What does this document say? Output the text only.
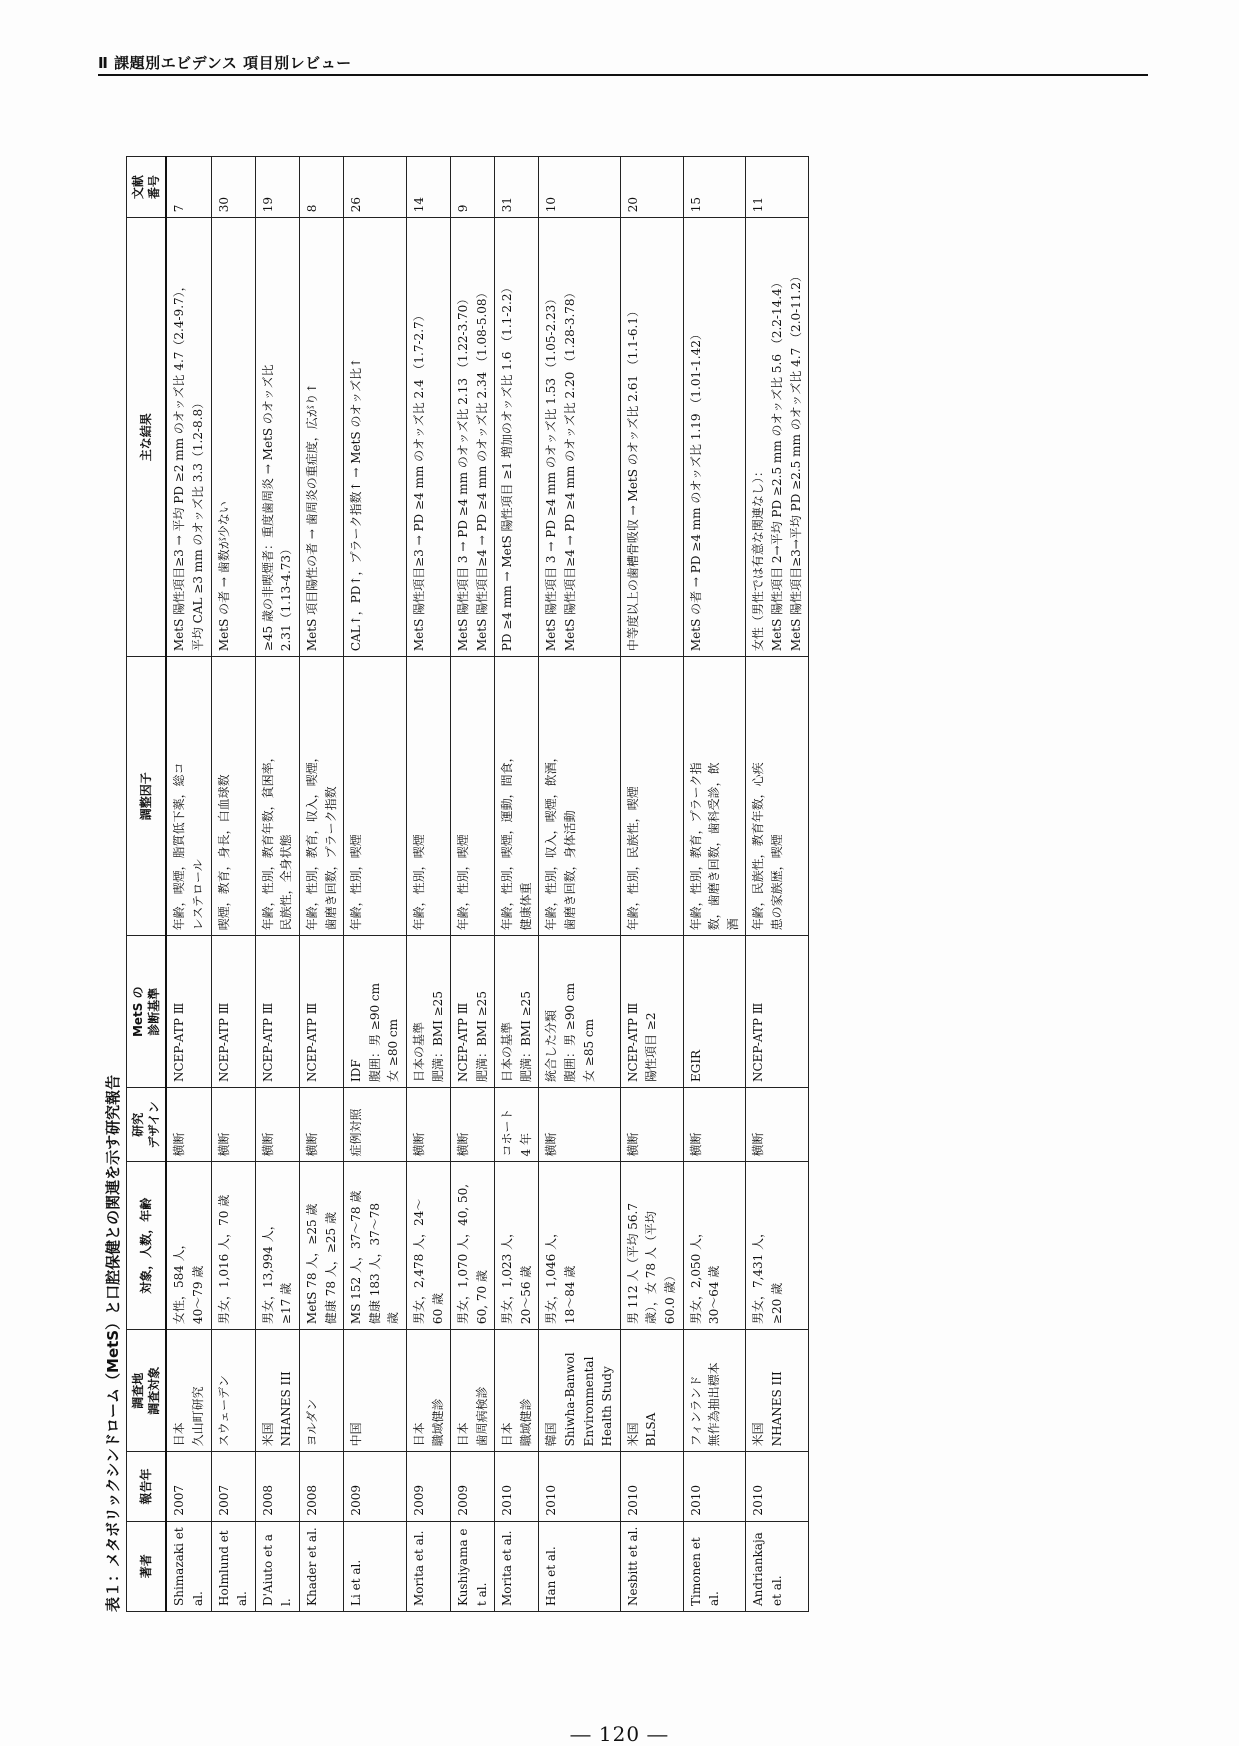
Ⅱ 課題別エビデンス 項目別レビュー
表１：メタボリックシンドローム（MetS）と口腔保健との関連を示す研究報告	著者	報告年	調査地 調査対象	対象，人数，年齢	研究 デザイン	MetS の 診断基準	調整因子	主な結果	文献 番号
Shimazaki et al.	2007	日本 久山町研究	女性，584 人， 40〜79 歳	横断	NCEP-ATP Ⅲ	年齢，喫煙，脂質低下薬，総コ レステロール	MetS 陽性項目≥3 → 平均 PD ≥2 mm のオッズ比 4.7（2.4-9.7）， 平均 CAL ≥3 mm のオッズ比 3.3（1.2-8.8）	7
Holmlund et al.	2007	スウェーデン	男女，1,016 人，70 歳	横断	NCEP-ATP Ⅲ	喫煙，教育，身長，白血球数	MetS の者 → 歯数が少ない	30
D'Aiuto et al.	2008	米国 NHANES III	男女，13,994 人， ≥17 歳	横断	NCEP-ATP Ⅲ	年齢，性別，教育年数，貧困率， 民族性，全身状態	≥45 歳の非喫煙者：重度歯周炎 → MetS のオッズ比 2.31（1.13-4.73）	19
Khader et al.	2008	ヨルダン	MetS 78 人，≥25 歳 健康 78 人，≥25 歳	横断	NCEP-ATP Ⅲ	年齢，性別，教育，収入，喫煙， 歯磨き回数，プラーク指数	MetS 項目陽性の者 → 歯周炎の重症度，広がり↑	8
Li et al.	2009	中国	MS 152 人，37〜78 歳 健康 183 人，37〜78 歳	症例対照	IDF 腹囲：男 ≥90 cm 女 ≥80 cm	年齢，性別，喫煙	CAL↑，PD↑，プラーク指数↑ → MetS のオッズ比↑	26
Morita et al.	2009	日本 職域健診	男女，2,478 人，24〜 60 歳	横断	日本の基準 肥満：BMI ≥25	年齢，性別，喫煙	MetS 陽性項目≥3 → PD ≥4 mm のオッズ比 2.4 （1.7-2.7）	14
Kushiyama et al.	2009	日本 歯周病検診	男女，1,070 人，40, 50, 60, 70 歳	横断	NCEP-ATP Ⅲ 肥満：BMI ≥25	年齢，性別，喫煙	MetS 陽性項目 3 → PD ≥4 mm のオッズ比 2.13 （1.22-3.70） MetS 陽性項目≥4 → PD ≥4 mm のオッズ比 2.34 （1.08-5.08）	9
Morita et al.	2010	日本 職域健診	男女，1,023 人， 20〜56 歳	コホート 4 年	日本の基準 肥満：BMI ≥25	年齢，性別，喫煙，運動，間食， 健康体重	PD ≥4 mm → MetS 陽性項目 ≥1 増加のオッズ比 1.6 （1.1-2.2）	31
Han et al.	2010	韓国 Shiwha-Banwol Environmental Health Study	男女，1,046 人， 18〜84 歳	横断	統合した分類 腹囲：男 ≥90 cm 女 ≥85 cm	年齢，性別，収入，喫煙，飲酒， 歯磨き回数，身体活動	MetS 陽性項目 3 → PD ≥4 mm のオッズ比 1.53 （1.05-2.23） MetS 陽性項目≥4 → PD ≥4 mm のオッズ比 2.20 （1.28-3.78）	10
Nesbitt et al.	2010	米国 BLSA	男 112 人（平均 56.7 歳），女 78 人（平均 60.0 歳）	横断	NCEP-ATP Ⅲ 陽性項目 ≥2	年齢，性別，民族性，喫煙	中等度以上の歯槽骨吸収 → MetS のオッズ比 2.61 （1.1-6.1）	20
Timonen et al.	2010	フィンランド 無作為抽出標本	男女，2,050 人， 30〜64 歳	横断	EGIR	年齢，性別，教育，プラーク指 数，歯磨き回数，歯科受診，飲 酒	MetS の者 → PD ≥4 mm のオッズ比 1.19 （1.01-1.42）	15
Andriankaja et al.	2010	米国 NHANES III	男女，7,431 人， ≥20 歳	横断	NCEP-ATP Ⅲ	年齢，民族性，教育年数，心疾 患の家族歴，喫煙	女性（男性では有意な関連なし）： MetS 陽性項目 2→平均 PD ≥2.5 mm のオッズ比 5.6 （2.2-14.4） MetS 陽性項目≥3→平均 PD ≥2.5 mm のオッズ比 4.7 （2.0-11.2）	11
― 120 ―
